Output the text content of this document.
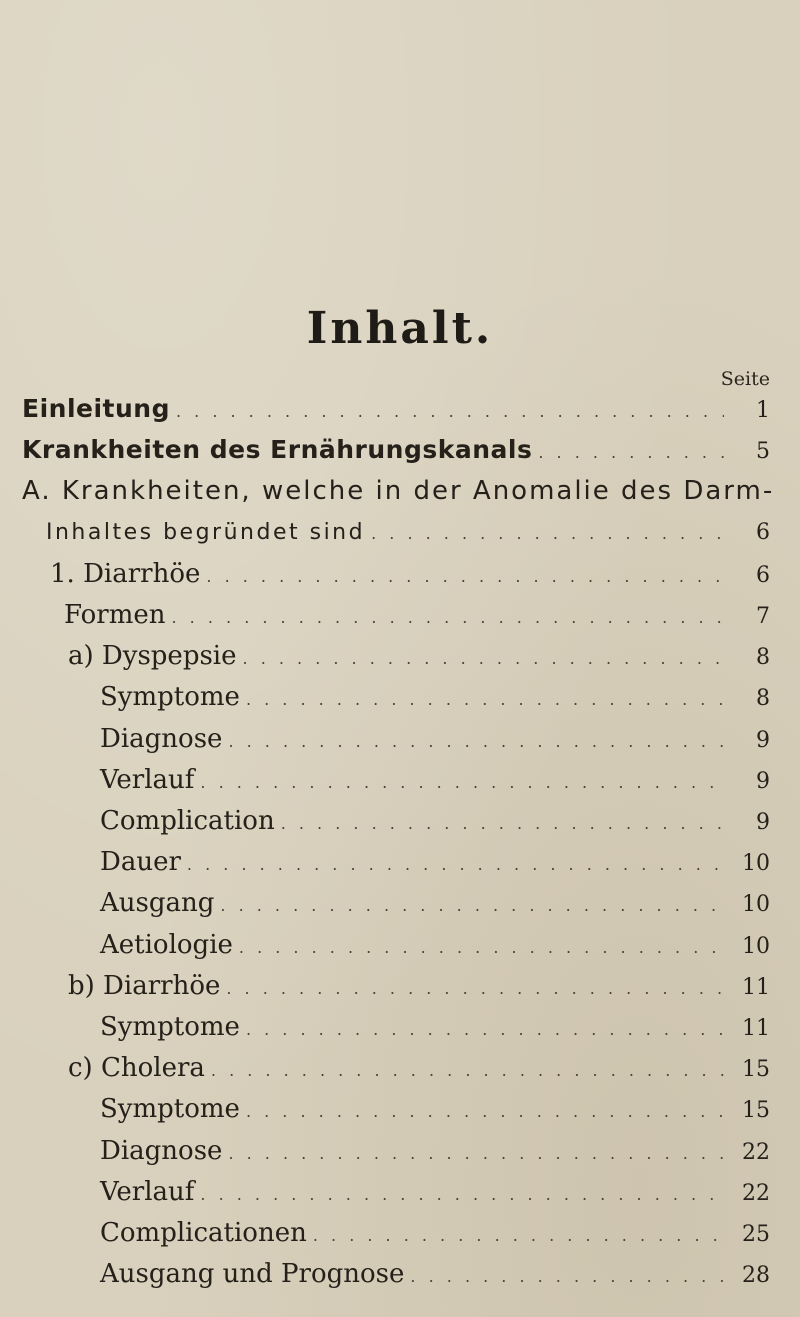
Inhalt.
Seite
Einleitung . . .	1
Krankheiten des Ernährungskanals . . .	5
A. Krankheiten, welche in der Anomalie des Darm-
Inhaltes begründet sind . . .	6
1. Diarrhöe . . .	6
Formen . . .	7
a) Dyspepsie . . .	8
Symptome . . .	8
Diagnose . . .	9
Verlauf . . .	9
Complication . . .	9
Dauer . . .	10
Ausgang . . .	10
Aetiologie . . .	10
b) Diarrhöe . . .	11
Symptome . . .	11
c) Cholera . . .	15
Symptome . . .	15
Diagnose . . .	22
Verlauf . . .	22
Complicationen . . .	25
Ausgang und Prognose . . .	28
